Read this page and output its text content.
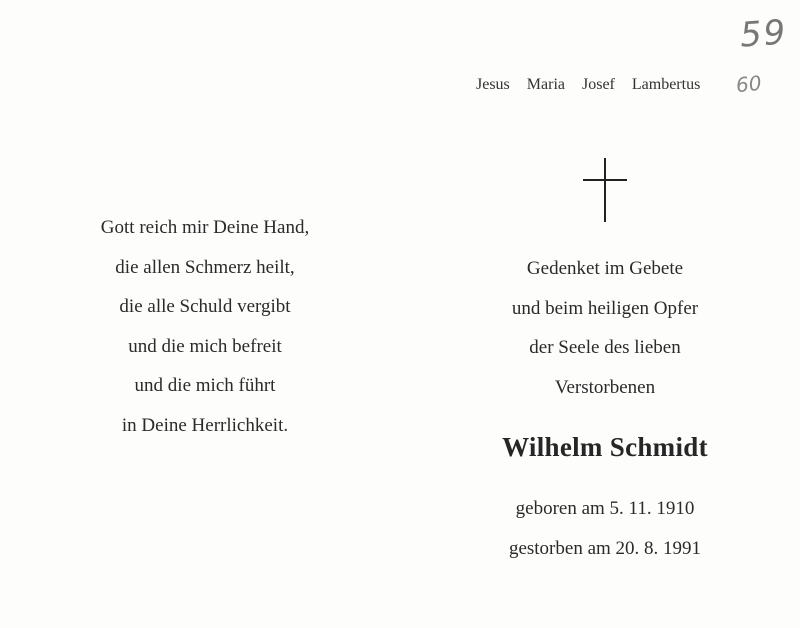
59
60
Jesus Maria Josef Lambertus
Gott reich mir Deine Hand,
die allen Schmerz heilt,
die alle Schuld vergibt
und die mich befreit
und die mich führt
in Deine Herrlichkeit.
Gedenket im Gebete
und beim heiligen Opfer
der Seele des lieben
Verstorbenen
Wilhelm Schmidt
geboren am 5. 11. 1910
gestorben am 20. 8. 1991
